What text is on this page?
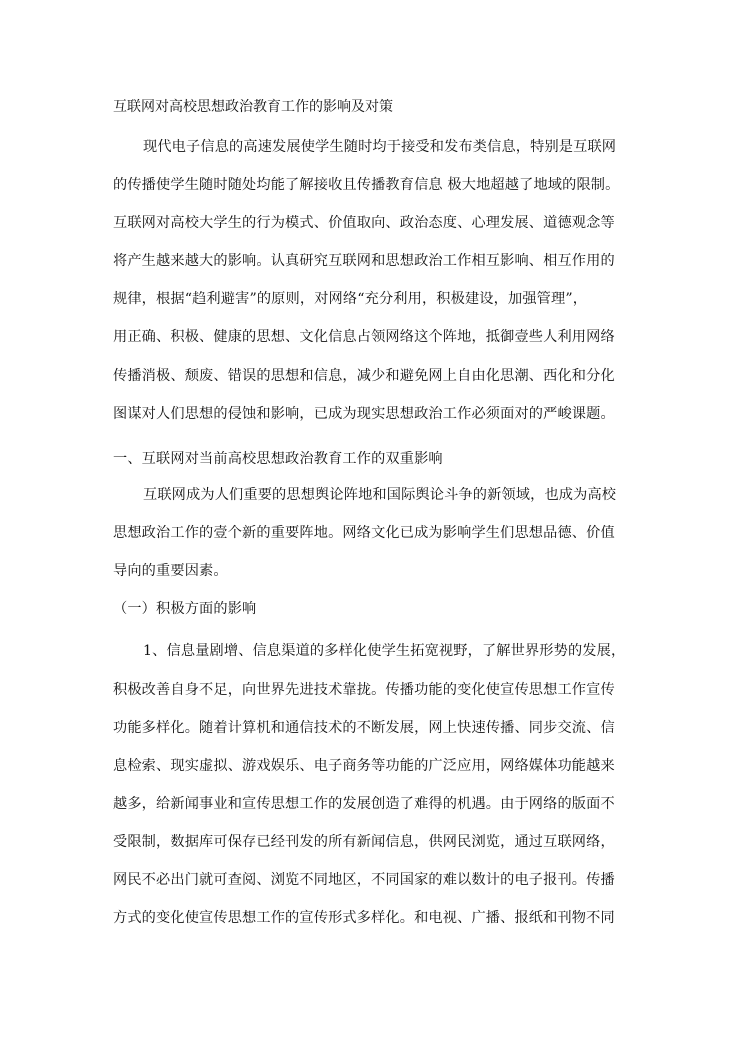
互联网对高校思想政治教育工作的影响及对策
现代电子信息的高速发展使学生随时均于接受和发布类信息，特别是互联网
的传播使学生随时随处均能了解接收且传播教育信息 极大地超越了地域的限制。
互联网对高校大学生的行为模式、价值取向、政治态度、心理发展、道德观念等
将产生越来越大的影响。认真研究互联网和思想政治工作相互影响、相互作用的
规律，根据“趋利避害”的原则，对网络“充分利用，积极建设，加强管理”，
用正确、积极、健康的思想、文化信息占领网络这个阵地，抵御壹些人利用网络
传播消极、颓废、错误的思想和信息，减少和避免网上自由化思潮、西化和分化
图谋对人们思想的侵蚀和影响，已成为现实思想政治工作必须面对的严峻课题。
一、互联网对当前高校思想政治教育工作的双重影响
互联网成为人们重要的思想舆论阵地和国际舆论斗争的新领域，也成为高校
思想政治工作的壹个新的重要阵地。网络文化已成为影响学生们思想品德、价值
导向的重要因素。
（一）积极方面的影响
1、信息量剧增、信息渠道的多样化使学生拓宽视野，了解世界形势的发展，
积极改善自身不足，向世界先进技术靠拢。传播功能的变化使宣传思想工作宣传
功能多样化。随着计算机和通信技术的不断发展，网上快速传播、同步交流、信
息检索、现实虚拟、游戏娱乐、电子商务等功能的广泛应用，网络媒体功能越来
越多，给新闻事业和宣传思想工作的发展创造了难得的机遇。由于网络的版面不
受限制，数据库可保存已经刊发的所有新闻信息，供网民浏览，通过互联网络，
网民不必出门就可查阅、浏览不同地区，不同国家的难以数计的电子报刊。传播
方式的变化使宣传思想工作的宣传形式多样化。和电视、广播、报纸和刊物不同
